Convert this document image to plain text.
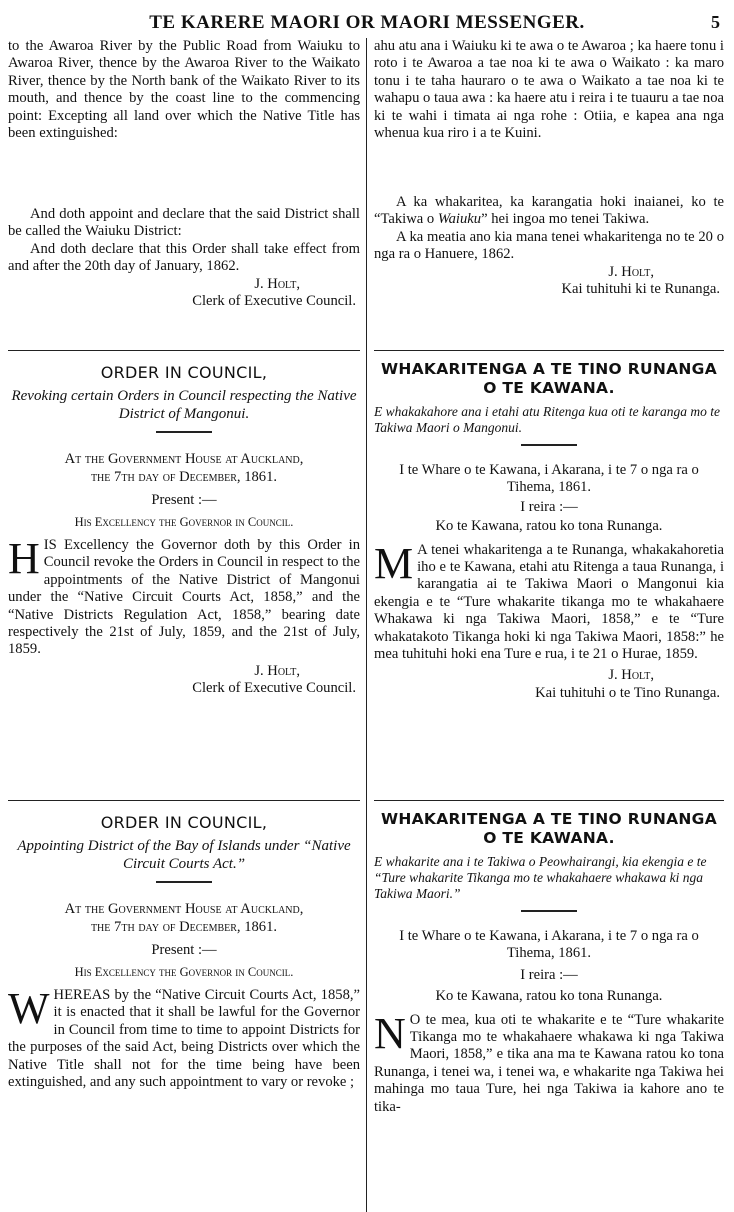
TE KARERE MAORI OR MAORI MESSENGER.	5

to the Awaroa River by the Public Road from Waiuku to Awaroa River, thence by the Awaroa River to the Waikato River, thence by the North bank of the Waikato River to its mouth, and thence by the coast line to the commencing point: Excepting all land over which the Native Title has been extinguished:

And doth appoint and declare that the said District shall be called the Waiuku District:

And doth declare that this Order shall take effect from and after the 20th day of January, 1862.

J. Holt,

Clerk of Executive Council.

ORDER IN COUNCIL,

Revoking certain Orders in Council respecting the Native District of Mangonui.

At the Government House at Auckland,

the 7th day of December, 1861.

Present :—

His Excellency the Governor in Council.

H IS Excellency the Governor doth by this Order in Council revoke the Orders in Council in respect to the appointments of the Native District of Mangonui under the “Native Circuit Courts Act, 1858,” and the “Native Districts Regulation Act, 1858,” bearing date respectively the 21st of July, 1859, and the 21st of July, 1859.

J. Holt,

Clerk of Executive Council.

ORDER IN COUNCIL,

Appointing District of the Bay of Islands under “Native Circuit Courts Act.”

At the Government House at Auckland,

the 7th day of December, 1861.

Present :—

His Excellency the Governor in Council.

W HEREAS by the “Native Circuit Courts Act, 1858,” it is enacted that it shall be lawful for the Governor in Council from time to time to appoint Districts for the purposes of the said Act, being Districts over which the Native Title shall not for the time being have been extinguished, and any such appointment to vary or revoke ;

ahu atu ana i Waiuku ki te awa o te Awaroa ; ka haere tonu i roto i te Awaroa a tae noa ki te awa o Waikato : ka maro tonu i te taha hauraro o te awa o Waikato a tae noa ki te wahapu o taua awa : ka haere atu i reira i te tuauru a tae noa ki te wahi i timata ai nga rohe : Otiia, e kapea ana nga whenua kua riro i a te Kuini.

A ka whakaritea, ka karangatia hoki inaianei, ko te “Takiwa o Waiuku” hei ingoa mo tenei Takiwa.

A ka meatia ano kia mana tenei whakaritenga no te 20 o nga ra o Hanuere, 1862.

J. Holt,

Kai tuhituhi ki te Runanga.

WHAKARITENGA A TE TINO RUNANGA O TE KAWANA.

E whakakahore ana i etahi atu Ritenga kua oti te karanga mo te Takiwa Maori o Mangonui.

I te Whare o te Kawana, i Akarana, i te 7 o nga ra o Tihema, 1861.

I reira :—

Ko te Kawana, ratou ko tona Runanga.

M A tenei whakaritenga a te Runanga, whakakahoretia iho e te Kawana, etahi atu Ritenga a taua Runanga, i karangatia ai te Takiwa Maori o Mangonui kia ekengia e te “Ture whakarite tikanga mo te whakahaere Whakawa ki nga Takiwa Maori, 1858,” e te “Ture whakatakoto Tikanga hoki ki nga Takiwa Maori, 1858:” he mea tuhituhi hoki ena Ture e rua, i te 21 o Hurae, 1859.

J. Holt,

Kai tuhituhi o te Tino Runanga.

WHAKARITENGA A TE TINO RUNANGA O TE KAWANA.

E whakarite ana i te Takiwa o Peowhairangi, kia ekengia e te “Ture whakarite Tikanga mo te whakahaere whakawa ki nga Takiwa Maori.”

I te Whare o te Kawana, i Akarana, i te 7 o nga ra o Tihema, 1861.

I reira :—

Ko te Kawana, ratou ko tona Runanga.

N O te mea, kua oti te whakarite e te “Ture whakarite Tikanga mo te whakahaere whakawa ki nga Takiwa Maori, 1858,” e tika ana ma te Kawana ratou ko tona Runanga, i tenei wa, i tenei wa, e whakarite nga Takiwa hei mahinga mo taua Ture, hei nga Takiwa ia kahore ano te tika-
